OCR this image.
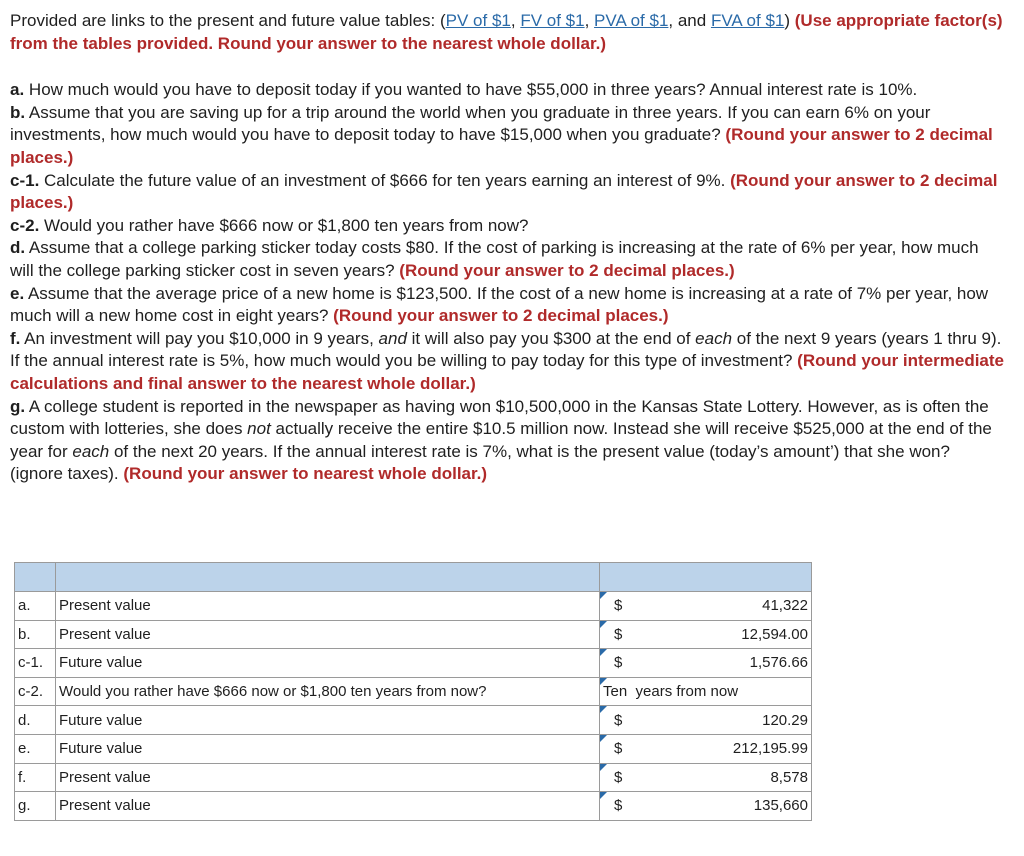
Provided are links to the present and future value tables: (PV of $1, FV of $1, PVA of $1, and FVA of $1) (Use appropriate factor(s) from the tables provided. Round your answer to the nearest whole dollar.)

a. How much would you have to deposit today if you wanted to have $55,000 in three years? Annual interest rate is 10%.

b. Assume that you are saving up for a trip around the world when you graduate in three years. If you can earn 6% on your investments, how much would you have to deposit today to have $15,000 when you graduate? (Round your answer to 2 decimal places.)

c-1. Calculate the future value of an investment of $666 for ten years earning an interest of 9%. (Round your answer to 2 decimal places.)

c-2. Would you rather have $666 now or $1,800 ten years from now?

d. Assume that a college parking sticker today costs $80. If the cost of parking is increasing at the rate of 6% per year, how much will the college parking sticker cost in seven years? (Round your answer to 2 decimal places.)

e. Assume that the average price of a new home is $123,500. If the cost of a new home is increasing at a rate of 7% per year, how much will a new home cost in eight years? (Round your answer to 2 decimal places.)

f. An investment will pay you $10,000 in 9 years, and it will also pay you $300 at the end of each of the next 9 years (years 1 thru 9). If the annual interest rate is 5%, how much would you be willing to pay today for this type of investment? (Round your intermediate calculations and final answer to the nearest whole dollar.)

g. A college student is reported in the newspaper as having won $10,500,000 in the Kansas State Lottery. However, as is often the custom with lotteries, she does not actually receive the entire $10.5 million now. Instead she will receive $525,000 at the end of the year for each of the next 20 years. If the annual interest rate is 7%, what is the present value (today’s amount’) that she won? (ignore taxes). (Round your answer to nearest whole dollar.)

a.	Present value	$	41,322
b.	Present value	$	12,594.00
c-1.	Future value	$	1,576.66
c-2.	Would you rather have $666 now or $1,800 ten years from now?	Ten  years from now	
d.	Future value	$	120.29
e.	Future value	$	212,195.99
f.	Present value	$	8,578
g.	Present value	$	135,660
